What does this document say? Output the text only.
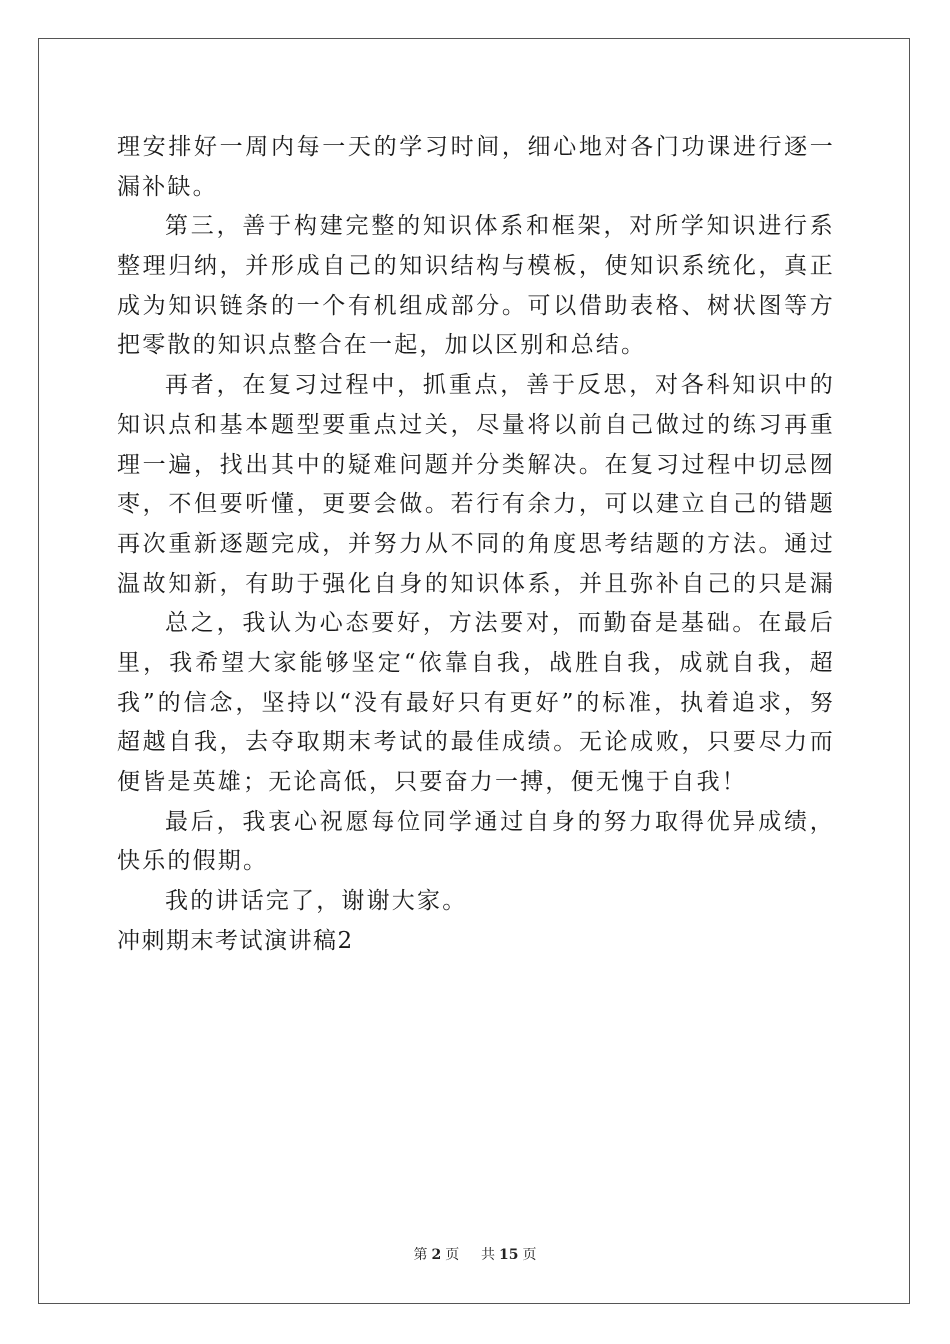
理安排好一周内每一天的学习时间，细心地对各门功课进行逐一
漏补缺。
第三，善于构建完整的知识体系和框架，对所学知识进行系
整理归纳，并形成自己的知识结构与模板，使知识系统化，真正
成为知识链条的一个有机组成部分。可以借助表格、树状图等方
把零散的知识点整合在一起，加以区别和总结。
再者，在复习过程中，抓重点，善于反思，对各科知识中的
知识点和基本题型要重点过关，尽量将以前自己做过的练习再重
理一遍，找出其中的疑难问题并分类解决。在复习过程中切忌囫
枣，不但要听懂，更要会做。若行有余力，可以建立自己的错题
再次重新逐题完成，并努力从不同的角度思考结题的方法。通过
温故知新，有助于强化自身的知识体系，并且弥补自己的只是漏
总之，我认为心态要好，方法要对，而勤奋是基础。在最后
里，我希望大家能够坚定“依靠自我，战胜自我，成就自我，超
我”的信念，坚持以“没有最好只有更好”的标准，执着追求，努
超越自我，去夺取期末考试的最佳成绩。无论成败，只要尽力而
便皆是英雄；无论高低，只要奋力一搏，便无愧于自我！
最后，我衷心祝愿每位同学通过自身的努力取得优异成绩，
快乐的假期。
我的讲话完了，谢谢大家。
冲刺期末考试演讲稿2
第 2 页 共 15 页
